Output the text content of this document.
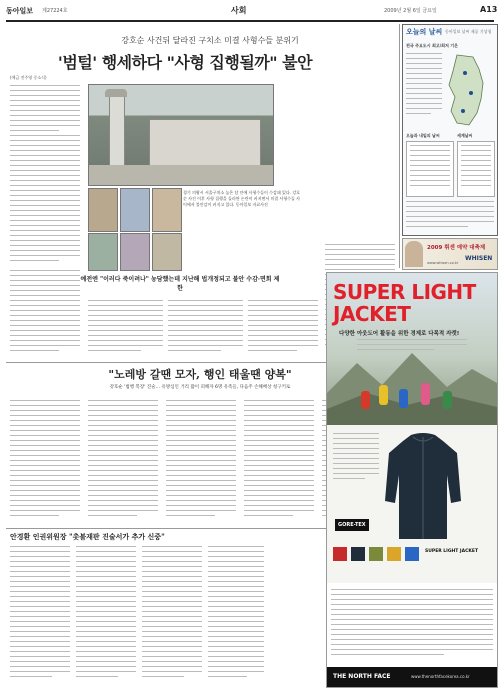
동아일보 제27224호	사회	2009년 2월 6일 금요일	A13
강호순 사건뒤 달라진 구치소 미결 사형수들 분위기
'범털' 행세하다 "사형 집행될까" 불안
(예금 전주영 중소식)
경기 의왕시 서울구치소 높은 담 안에 사형수들이 수감돼 있다. 강호순 사건 이후 사형 집행을 둘러싼 논란이 커지면서 미결 사형수들 사이에서 불안감이 커지고 있다. 동아일보 자료사진
예전엔 "이러다 죽이려나" 농담했는데 지난해 법개정되고 불안 수감·면회 제한
"노레방 갈땐 모자, 행인 태울땐 양복"
강호순 '범행 복장' 진술… 유방심인 거리 많이 피해자 6명 유족들, 다음주 손해배상 청구키로
안경환 인권위원장 "촛불재판 진술서가 추가 신중"
오늘의 날씨 동아일보 날씨 제공 기상청
전국 주요도시 최고/최저 기온
오늘과 내일의 날씨	세계날씨
2009 휘센 예약 대축제
WHISEN
www.whisen.co.kr
SUPER LIGHT
JACKET
다양한 아웃도어 활동을 위한 경제로 다목적 자켓!
GORE-TEX
SUPER LIGHT JACKET
THE NORTH FACE	www.thenorthfacekorea.co.kr
